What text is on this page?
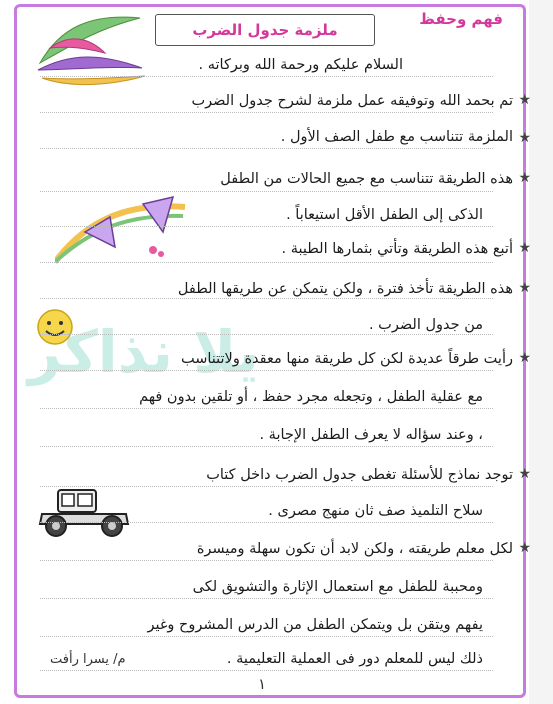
فهم وحفظ
ملزمة جدول الضرب
يلا نذاكر
★
★
★
★
★
★
★
★
السلام عليكم ورحمة الله وبركاته .
تم بحمد الله وتوفيقه عمل ملزمة لشرح جدول الضرب
الملزمة تتناسب مع طفل الصف الأول .
هذه الطريقة تتناسب مع جميع الحالات من الطفل
الذكى إلى الطفل الأقل استيعاباً .
أتبع هذه الطريقة وتأتي بثمارها الطيبة .
هذه الطريقة تأخذ فترة ، ولكن يتمكن عن طريقها الطفل
من جدول الضرب .
رأيت طرقاً عديدة لكن كل طريقة منها معقدة ولاتتناسب
مع عقلية الطفل ، وتجعله مجرد حفظ ، أو تلقين بدون فهم
، وعند سؤاله لا يعرف الطفل الإجابة .
توجد نماذج للأسئلة تغطى جدول الضرب داخل كتاب
سلاح التلميذ صف ثان منهج مصرى .
لكل معلم طريقته ، ولكن لابد أن تكون سهلة وميسرة
ومحببة للطفل مع استعمال الإثارة والتشويق لكى
يفهم ويتقن بل ويتمكن الطفل من الدرس المشروح وغير
ذلك ليس للمعلم دور فى العملية التعليمية .
م/ يسرا رأفت
١
